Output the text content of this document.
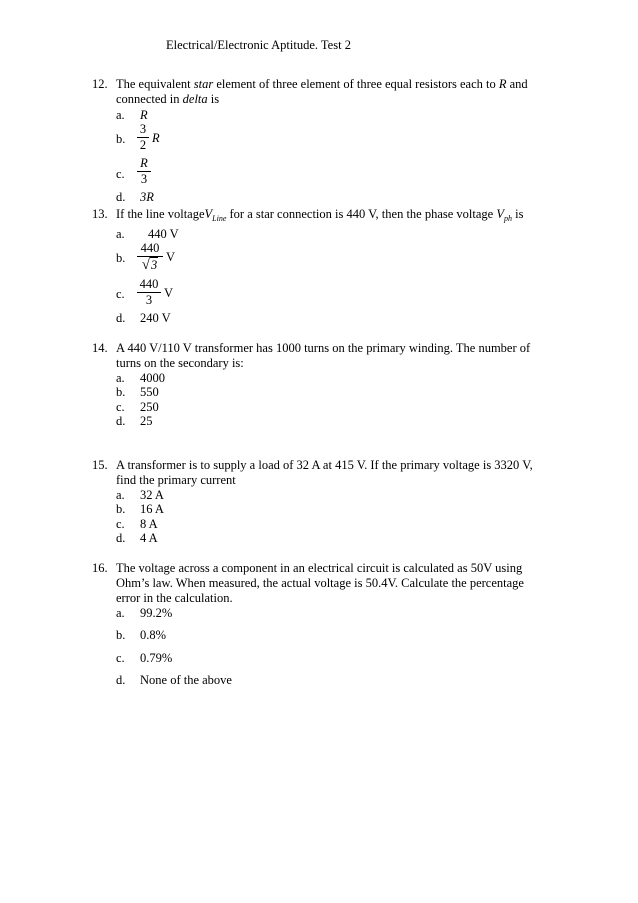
Electrical/Electronic Aptitude. Test 2
12. The equivalent star element of three element of three equal resistors each to R and
connected in delta is
a. R
b.
3
2 R
c.
R
3
d. 3R
13. If the line voltageV$_{Line}$ for a star connection is 440 V, then the phase voltage $V_{ph}$ is
a. 440 V
b.
440
√3
V
c.
440
3 V
d. 240 V
14. A 440 V/110 V transformer has 1000 turns on the primary winding. The number of
turns on the secondary is:
a. 4000
b. 550
c. 250
d. 25
15. A transformer is to supply a load of 32 A at 415 V. If the primary voltage is 3320 V,
find the primary current
a. 32 A
b. 16 A
c. 8 A
d. 4 A
16. The voltage across a component in an electrical circuit is calculated as 50V using
Ohm’s law. When measured, the actual voltage is 50.4V. Calculate the percentage
error in the calculation.
a. 99.2%
b. 0.8%
c. 0.79%
d. None of the above
